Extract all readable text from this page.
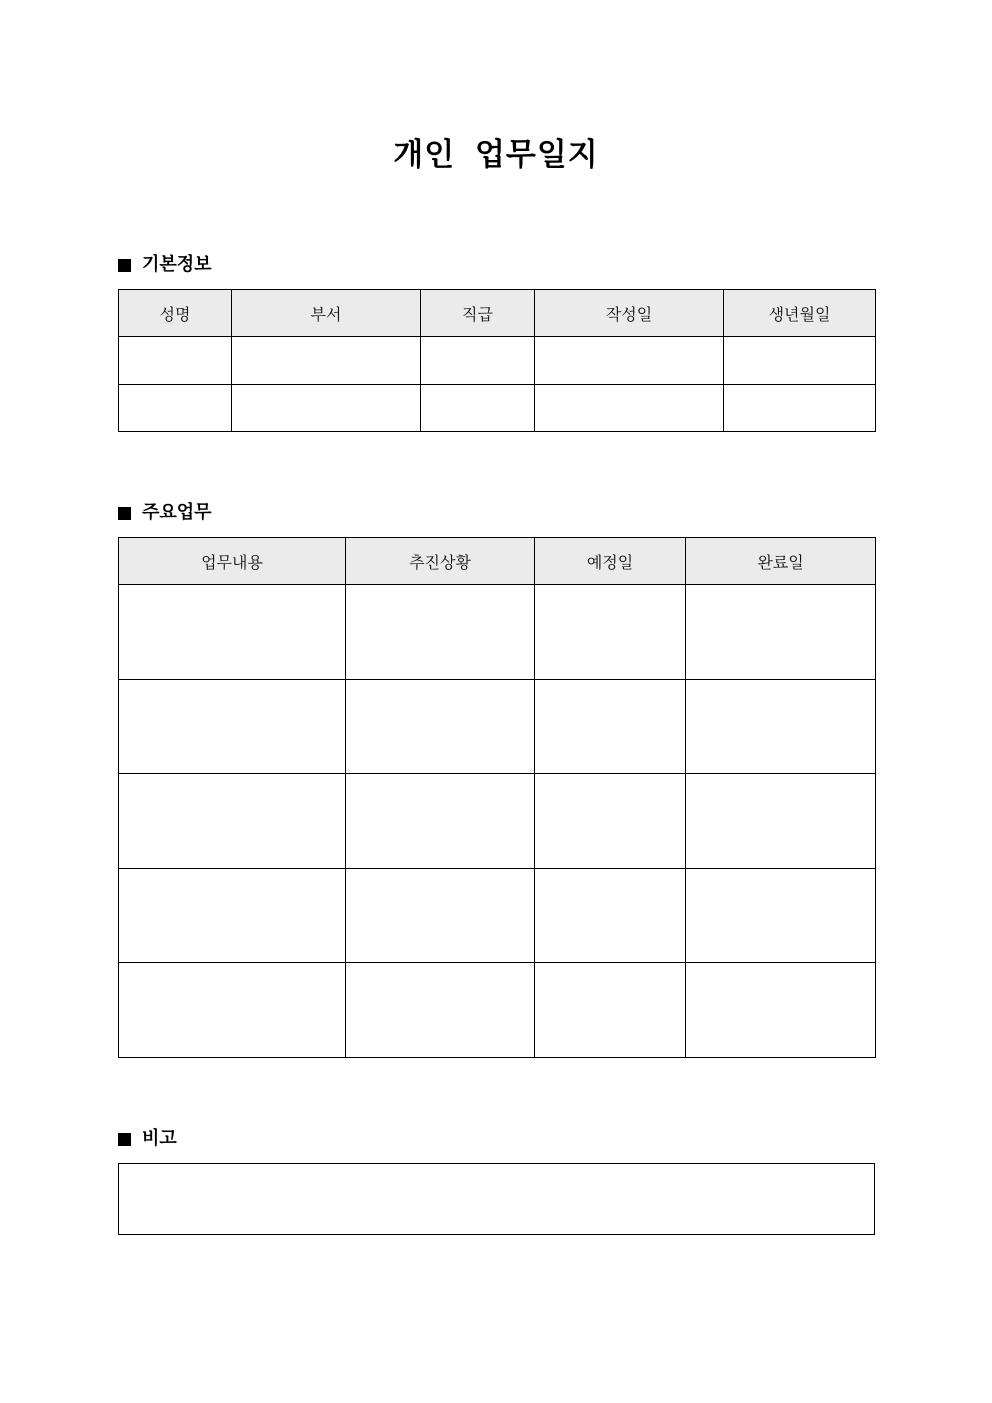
개인 업무일지
기본정보
성명	부서	직급	작성일	생년월일

주요업무
업무내용	추진상황	예정일	완료일

비고
